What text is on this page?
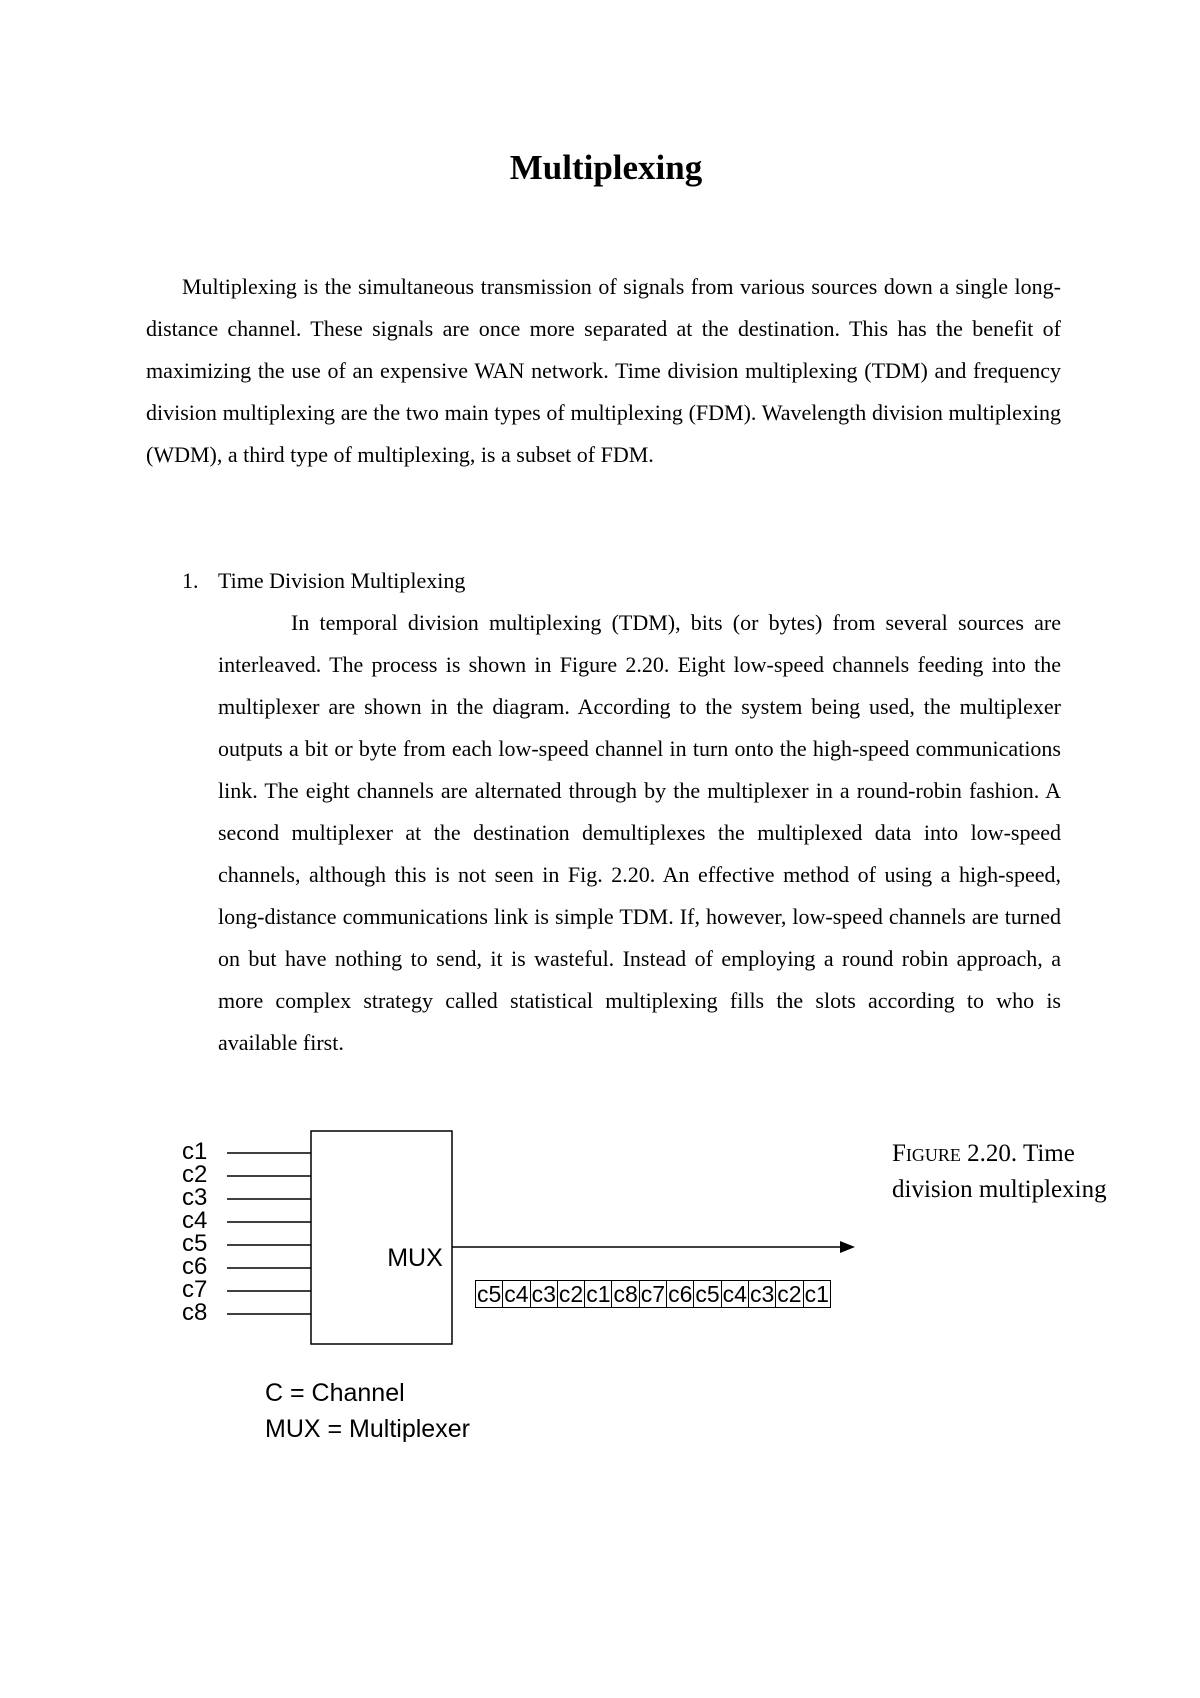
Multiplexing

Multiplexing is the simultaneous transmission of signals from various sources down a single long-distance channel. These signals are once more separated at the destination. This has the benefit of maximizing the use of an expensive WAN network. Time division multiplexing (TDM) and frequency division multiplexing are the two main types of multiplexing (FDM). Wavelength division multiplexing (WDM), a third type of multiplexing, is a subset of FDM.

1. Time Division Multiplexing

In temporal division multiplexing (TDM), bits (or bytes) from several sources are interleaved. The process is shown in Figure 2.20. Eight low-speed channels feeding into the multiplexer are shown in the diagram. According to the system being used, the multiplexer outputs a bit or byte from each low-speed channel in turn onto the high-speed communications link. The eight channels are alternated through by the multiplexer in a round-robin fashion. A second multiplexer at the destination demultiplexes the multiplexed data into low-speed channels, although this is not seen in Fig. 2.20. An effective method of using a high-speed, long-distance communications link is simple TDM. If, however, low-speed channels are turned on but have nothing to send, it is wasteful. Instead of employing a round robin approach, a more complex strategy called statistical multiplexing fills the slots according to who is available first.

c1
c2
c3
c4
c5
c6
c7
c8
MUX
c5 c4 c3 c2 c1 c8 c7 c6 c5 c4 c3 c2 c1
C = Channel
MUX = Multiplexer
Figure 2.20. Time division multiplexing
